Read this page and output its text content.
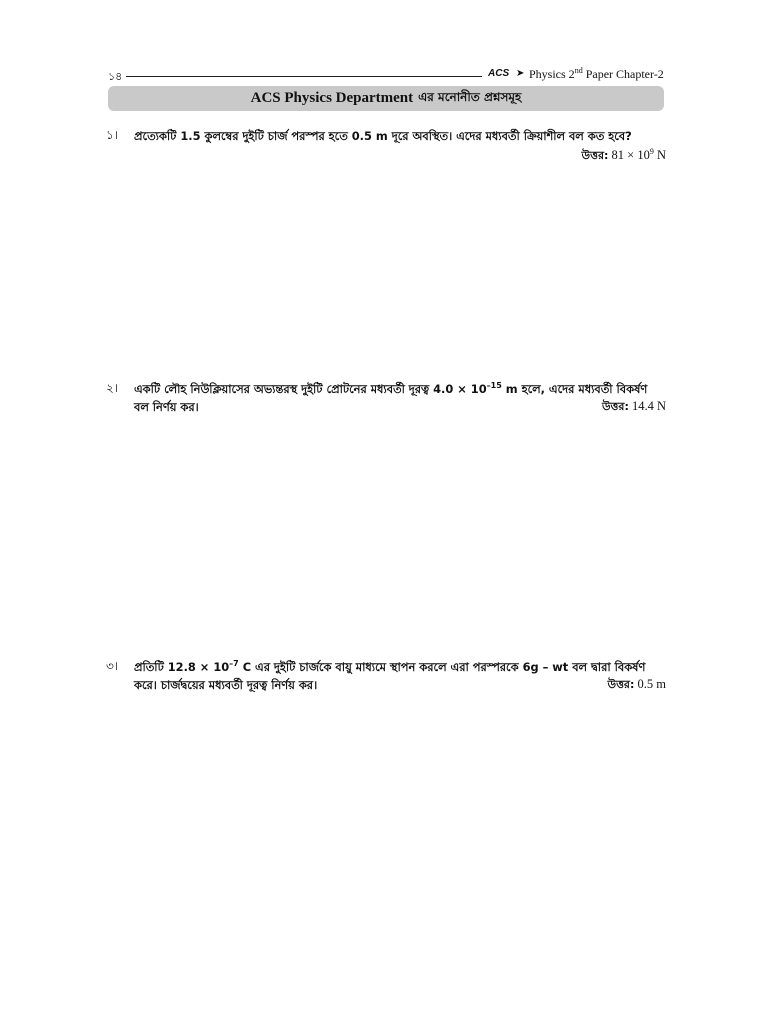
১৪	ACS ➤ Physics 2nd Paper Chapter-2
ACS Physics Department এর মনোনীত প্রশ্নসমূহ
১। প্রত্যেকটি 1.5 কুলম্বের দুইটি চার্জ পরস্পর হতে 0.5 m দূরে অবস্থিত। এদের মধ্যবর্তী ক্রিয়াশীল বল কত হবে?
উত্তর: $81 \times 10^9$ N
২। একটি লৌহ নিউক্লিয়াসের অভ্যন্তরস্থ দুইটি প্রোটনের মধ্যবর্তী দূরত্ব $4.0 \times 10^{-15}$ m হলে, এদের মধ্যবর্তী বিকর্ষণ বল নির্ণয় কর।	উত্তর: 14.4 N
৩। প্রতিটি $12.8 \times 10^{-7}$ C এর দুইটি চার্জকে বায়ু মাধ্যমে স্থাপন করলে এরা পরস্পরকে 6g – wt বল দ্বারা বিকর্ষণ করে। চার্জদ্বয়ের মধ্যবর্তী দূরত্ব নির্ণয় কর।	উত্তর: 0.5 m
